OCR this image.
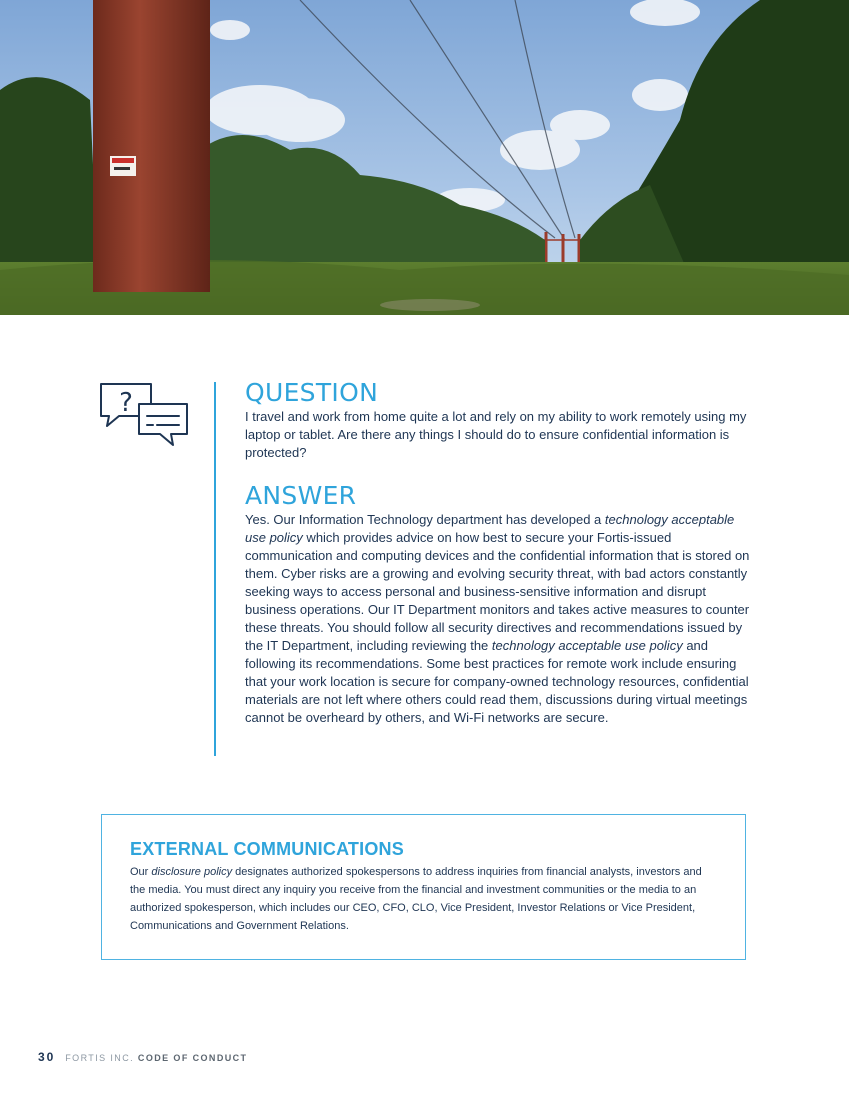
?	QUESTION

I travel and work from home quite a lot and rely on my ability to work remotely using my laptop or tablet. Are there any things I should do to ensure confidential information is protected?

ANSWER

Yes. Our Information Technology department has developed a technology acceptable use policy which provides advice on how best to secure your Fortis-issued communication and computing devices and the confidential information that is stored on them. Cyber risks are a growing and evolving security threat, with bad actors constantly seeking ways to access personal and business-sensitive information and disrupt business operations. Our IT Department monitors and takes active measures to counter these threats. You should follow all security directives and recommendations issued by the IT Department, including reviewing the technology acceptable use policy and following its recommendations. Some best practices for remote work include ensuring that your work location is secure for company-owned technology resources, confidential materials are not left where others could read them, discussions during virtual meetings cannot be overheard by others, and Wi-Fi networks are secure.

EXTERNAL COMMUNICATIONS

Our disclosure policy designates authorized spokespersons to address inquiries from financial analysts, investors and the media. You must direct any inquiry you receive from the financial and investment communities or the media to an authorized spokesperson, which includes our CEO, CFO, CLO, Vice President, Investor Relations or Vice President, Communications and Government Relations.

30 FORTIS INC. CODE OF CONDUCT
